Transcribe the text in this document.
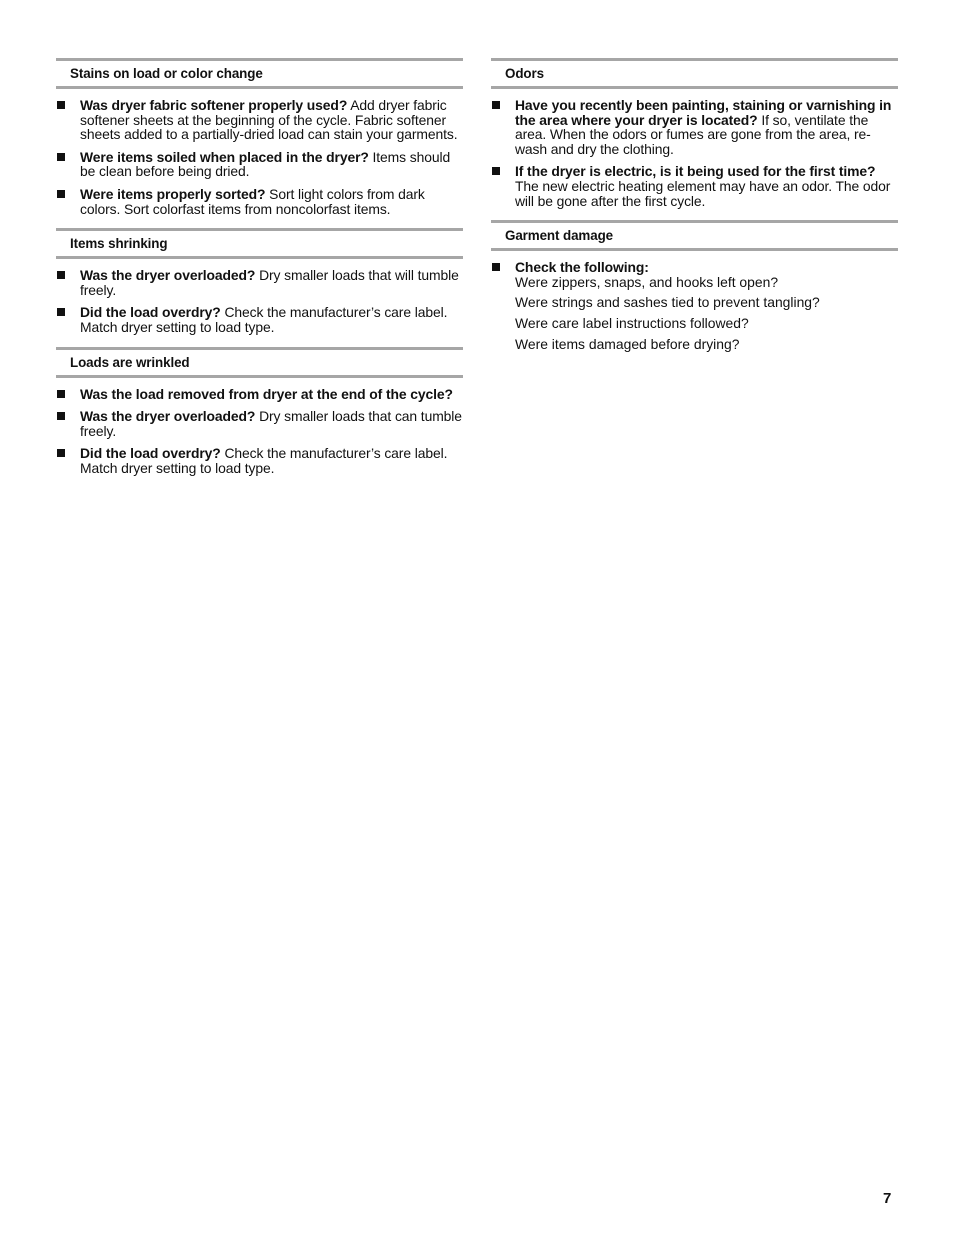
Stains on load or color change
Was dryer fabric softener properly used? Add dryer fabric softener sheets at the beginning of the cycle. Fabric softener sheets added to a partially-dried load can stain your garments.
Were items soiled when placed in the dryer? Items should be clean before being dried.
Were items properly sorted? Sort light colors from dark colors. Sort colorfast items from noncolorfast items.
Items shrinking
Was the dryer overloaded? Dry smaller loads that will tumble freely.
Did the load overdry? Check the manufacturer’s care label. Match dryer setting to load type.
Loads are wrinkled
Was the load removed from dryer at the end of the cycle?
Was the dryer overloaded? Dry smaller loads that can tumble freely.
Did the load overdry? Check the manufacturer’s care label. Match dryer setting to load type.
Odors
Have you recently been painting, staining or varnishing in the area where your dryer is located? If so, ventilate the area. When the odors or fumes are gone from the area, re-wash and dry the clothing.
If the dryer is electric, is it being used for the first time? The new electric heating element may have an odor. The odor will be gone after the first cycle.
Garment damage
Check the following:
Were zippers, snaps, and hooks left open?
Were strings and sashes tied to prevent tangling?
Were care label instructions followed?
Were items damaged before drying?
7
